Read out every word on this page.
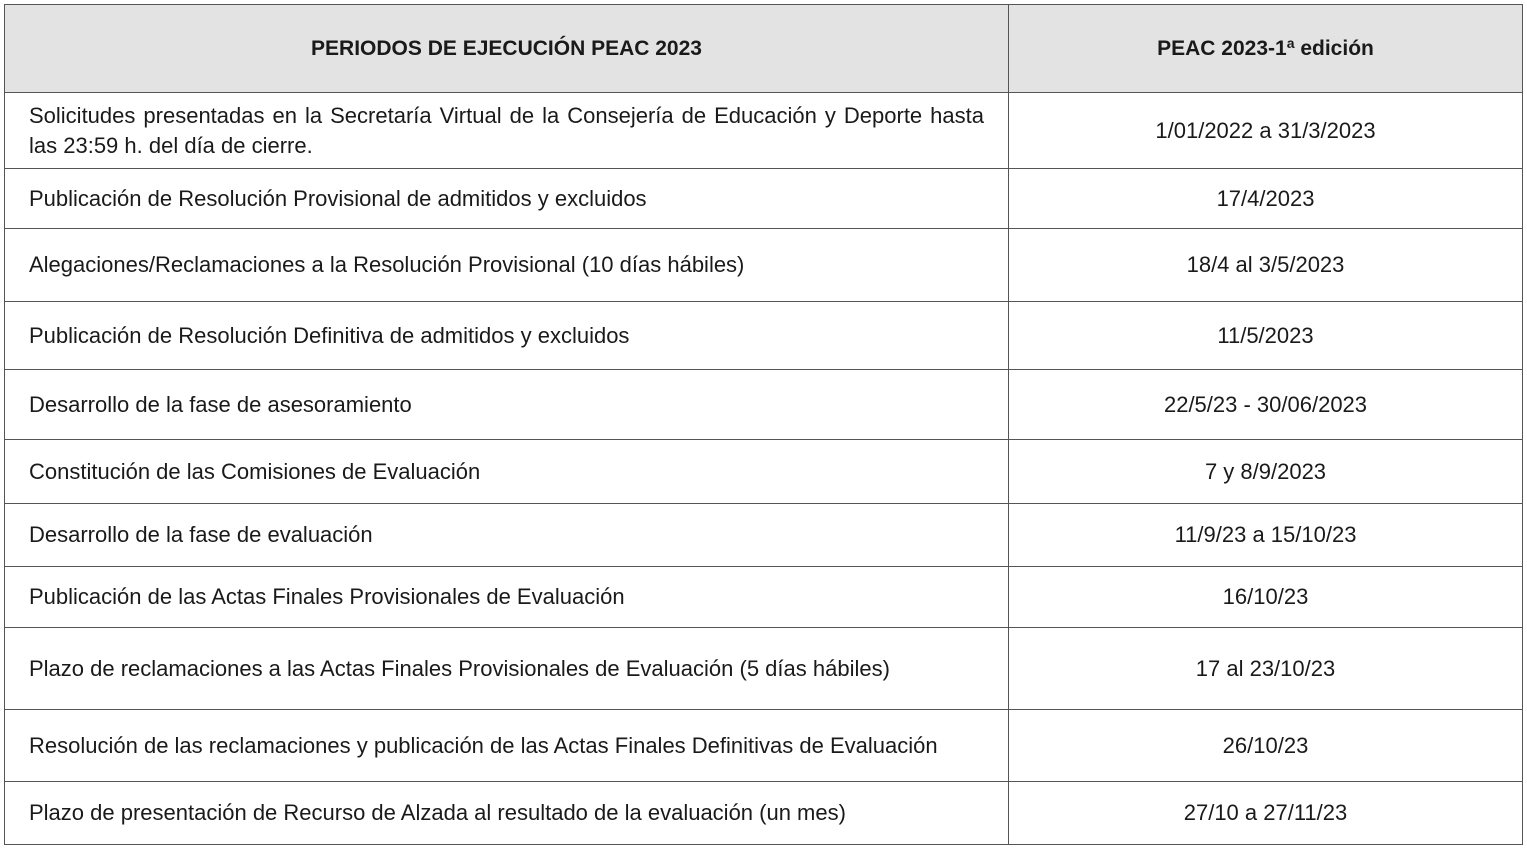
PERIODOS DE EJECUCIÓN PEAC 2023	PEAC 2023-1$^a$ edición
Solicitudes presentadas en la Secretaría Virtual de la Consejería de Educación y Deporte hasta las 23:59 h. del día de cierre.	1/01/2022 a 31/3/2023
Publicación de Resolución Provisional de admitidos y excluidos	17/4/2023
Alegaciones/Reclamaciones a la Resolución Provisional (10 días hábiles)	18/4 al 3/5/2023
Publicación de Resolución Definitiva de admitidos y excluidos	11/5/2023
Desarrollo de la fase de asesoramiento	22/5/23 - 30/06/2023
Constitución de las Comisiones de Evaluación	7 y 8/9/2023
Desarrollo de la fase de evaluación	11/9/23 a 15/10/23
Publicación de las Actas Finales Provisionales de Evaluación	16/10/23
Plazo de reclamaciones a las Actas Finales Provisionales de Evaluación (5 días hábiles)	17 al 23/10/23
Resolución de las reclamaciones y publicación de las Actas Finales Definitivas de Evaluación	26/10/23
Plazo de presentación de Recurso de Alzada al resultado de la evaluación (un mes)	27/10 a 27/11/23
